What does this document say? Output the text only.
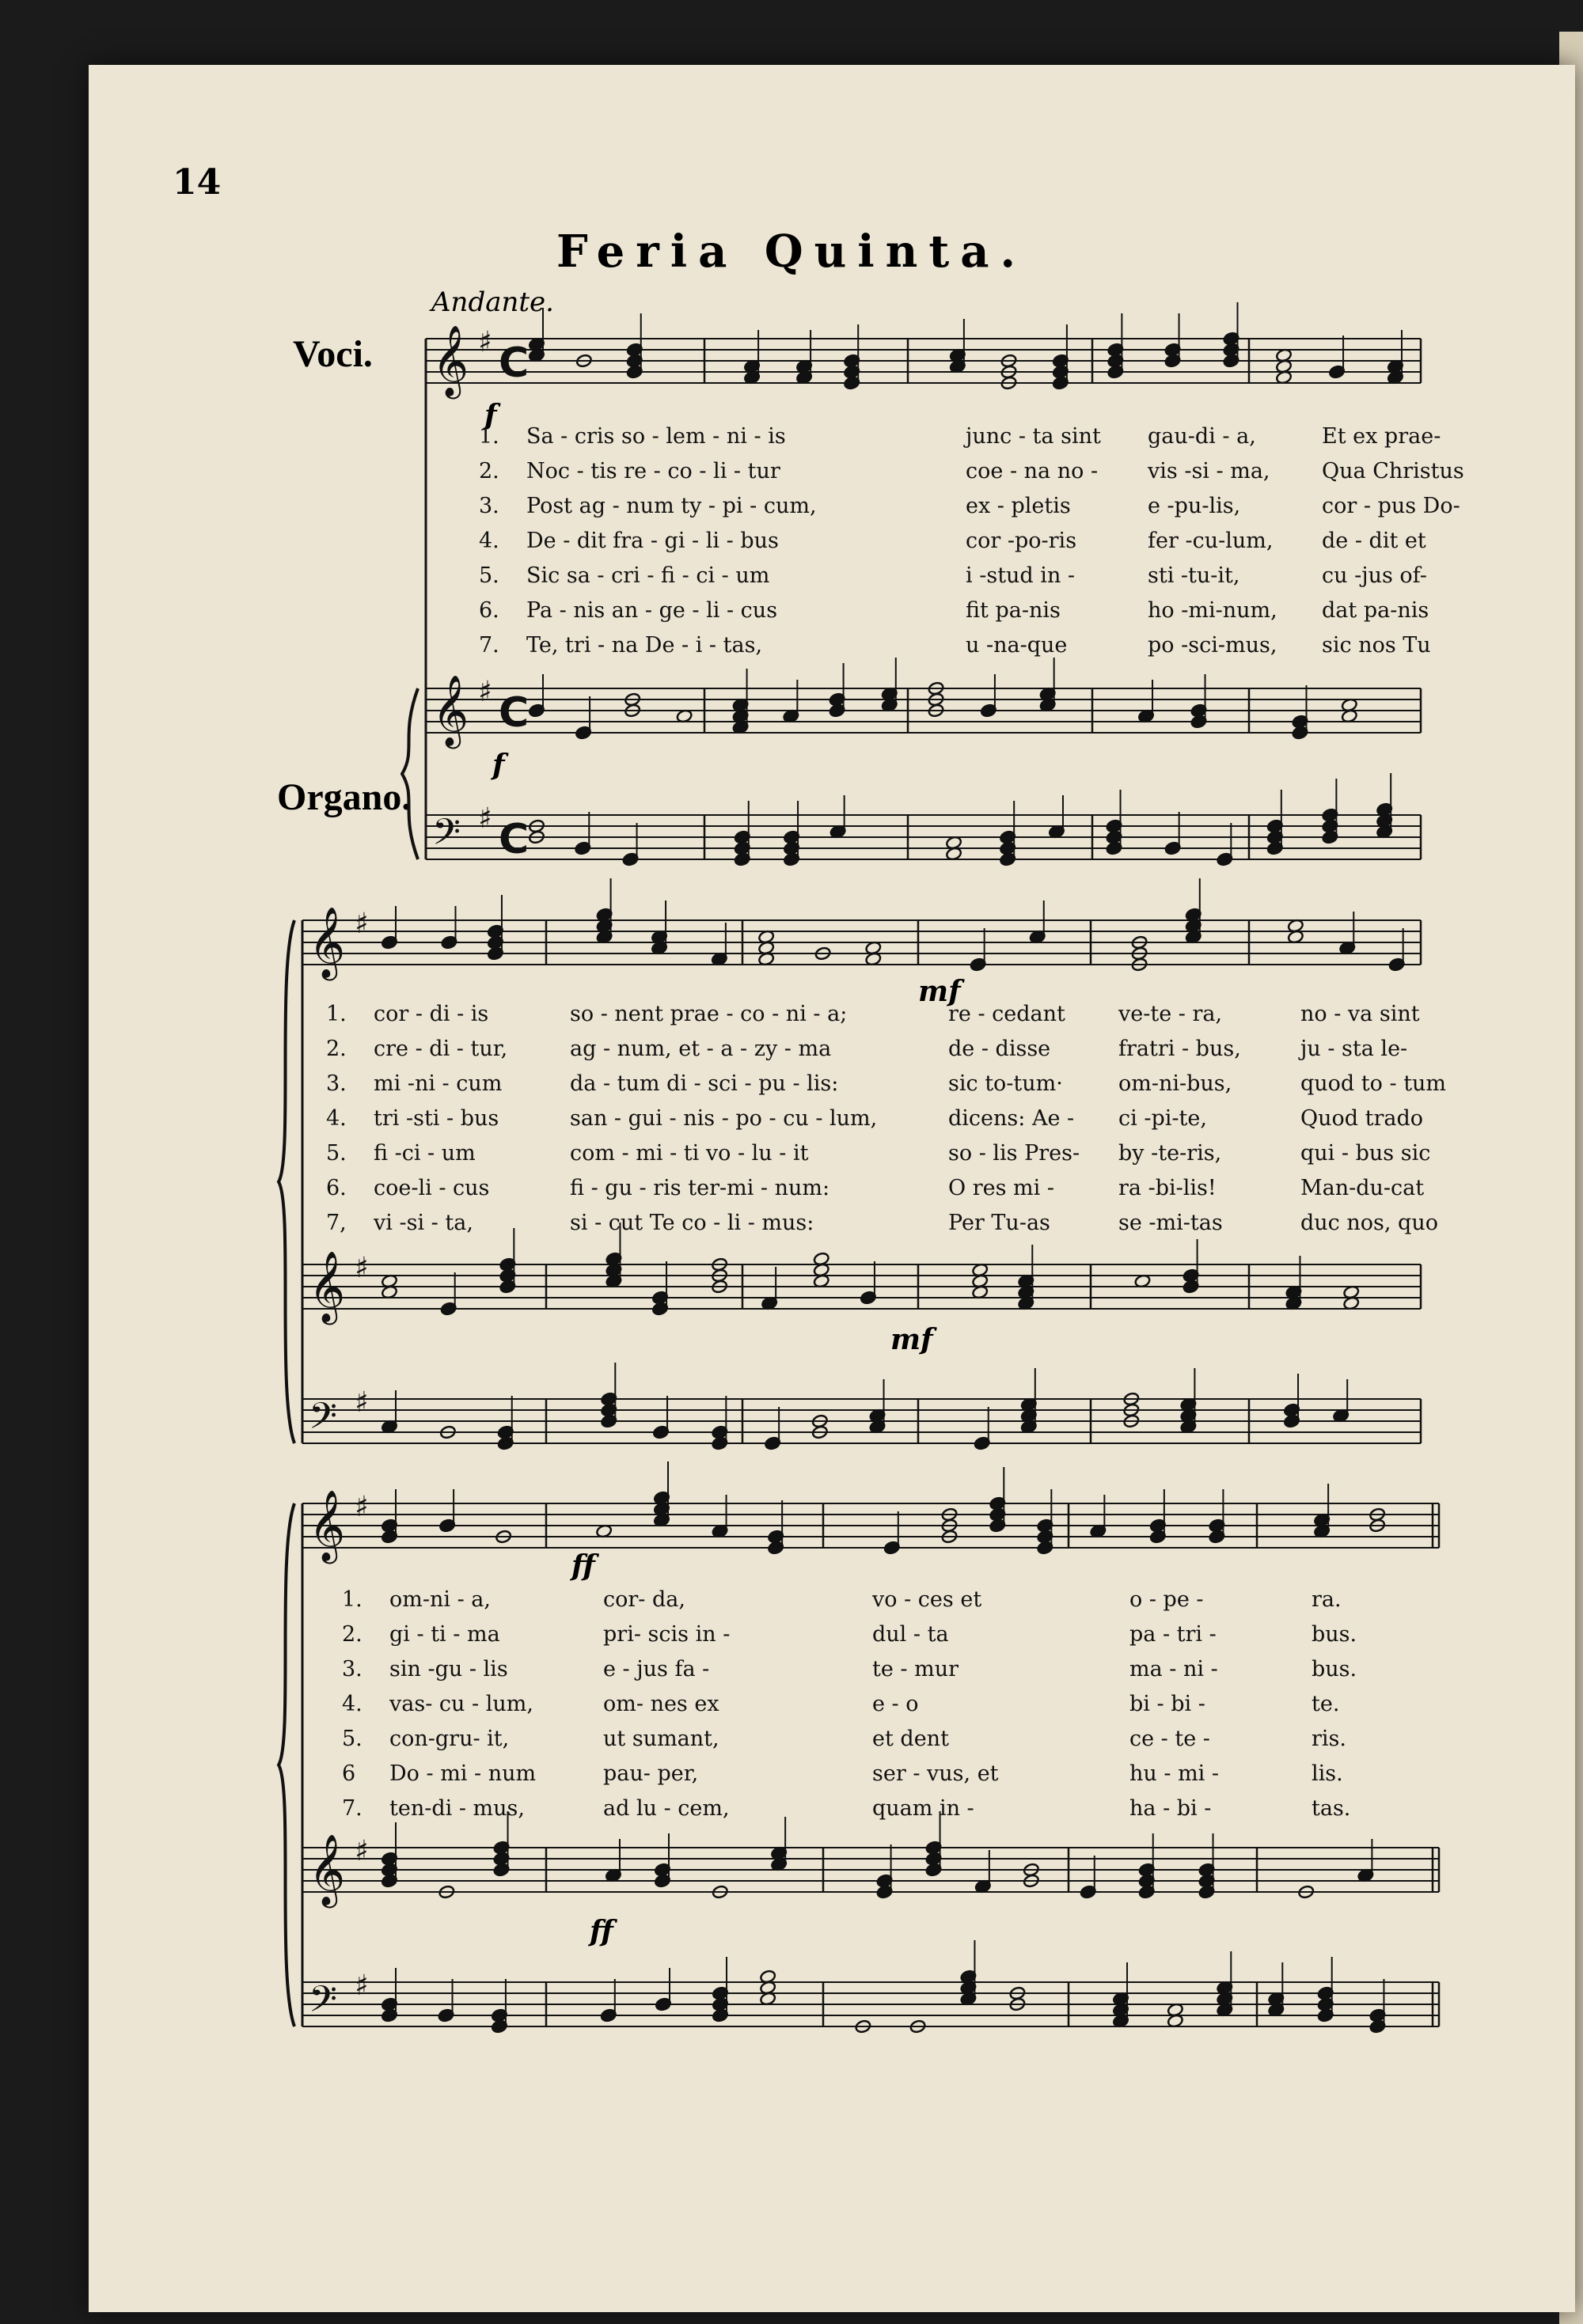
14
Feria Quinta.
Andante.
Voci.
Organo.
f
f
mf
mf
ff
ff
𝄞 ♯ C
𝄞 ♯ C
𝄢 ♯ C
𝄞 ♯
𝄞 ♯
𝄢 ♯
𝄞 ♯
𝄞 ♯
𝄢 ♯
1.	Sa - cris so - lem - ni - is	junc - ta sint	gau-di - a,	Et ex prae-
2.	Noc - tis re - co - li - tur	coe - na no -	vis -si - ma,	Qua Christus
3.	Post ag - num ty - pi - cum,	ex - pletis	e -pu-lis,	cor - pus Do-
4.	De - dit fra - gi - li - bus	cor -po-ris	fer -cu-lum,	de - dit et
5.	Sic sa - cri - fi - ci - um	i -stud in -	sti -tu-it,	cu -jus of-
6.	Pa - nis an - ge - li - cus	fit pa-nis	ho -mi-num,	dat pa-nis
7.	Te, tri - na De - i - tas,	u -na-que	po -sci-mus,	sic nos Tu
1.	cor - di - is	so - nent prae - co - ni - a;	re - cedant	ve-te - ra,	no - va sint
2.	cre - di - tur,	ag - num, et - a - zy - ma	de - disse	fratri - bus,	ju - sta le-
3.	mi -ni - cum	da - tum di - sci - pu - lis:	sic to-tum·	om-ni-bus,	quod to - tum
4.	tri -sti - bus	san - gui - nis - po - cu - lum,	dicens: Ae -	ci -pi-te,	Quod trado
5.	fi -ci - um	com - mi - ti vo - lu - it	so - lis Pres-	by -te-ris,	qui - bus sic
6.	coe-li - cus	fi - gu - ris ter-mi - num:	O res mi -	ra -bi-lis!	Man-du-cat
7,	vi -si - ta,	si - cut Te co - li - mus:	Per Tu-as	se -mi-tas	duc nos, quo
1.	om-ni - a,	cor- da,	vo - ces et	o - pe -	ra.
2.	gi - ti - ma	pri- scis in -	dul - ta	pa - tri -	bus.
3.	sin -gu - lis	e - jus fa -	te - mur	ma - ni -	bus.
4.	vas- cu - lum,	om- nes ex	e - o	bi - bi -	te.
5.	con-gru- it,	ut sumant,	et dent	ce - te -	ris.
6	Do - mi - num	pau- per,	ser - vus, et	hu - mi -	lis.
7.	ten-di - mus,	ad lu - cem,	quam in -	ha - bi -	tas.
